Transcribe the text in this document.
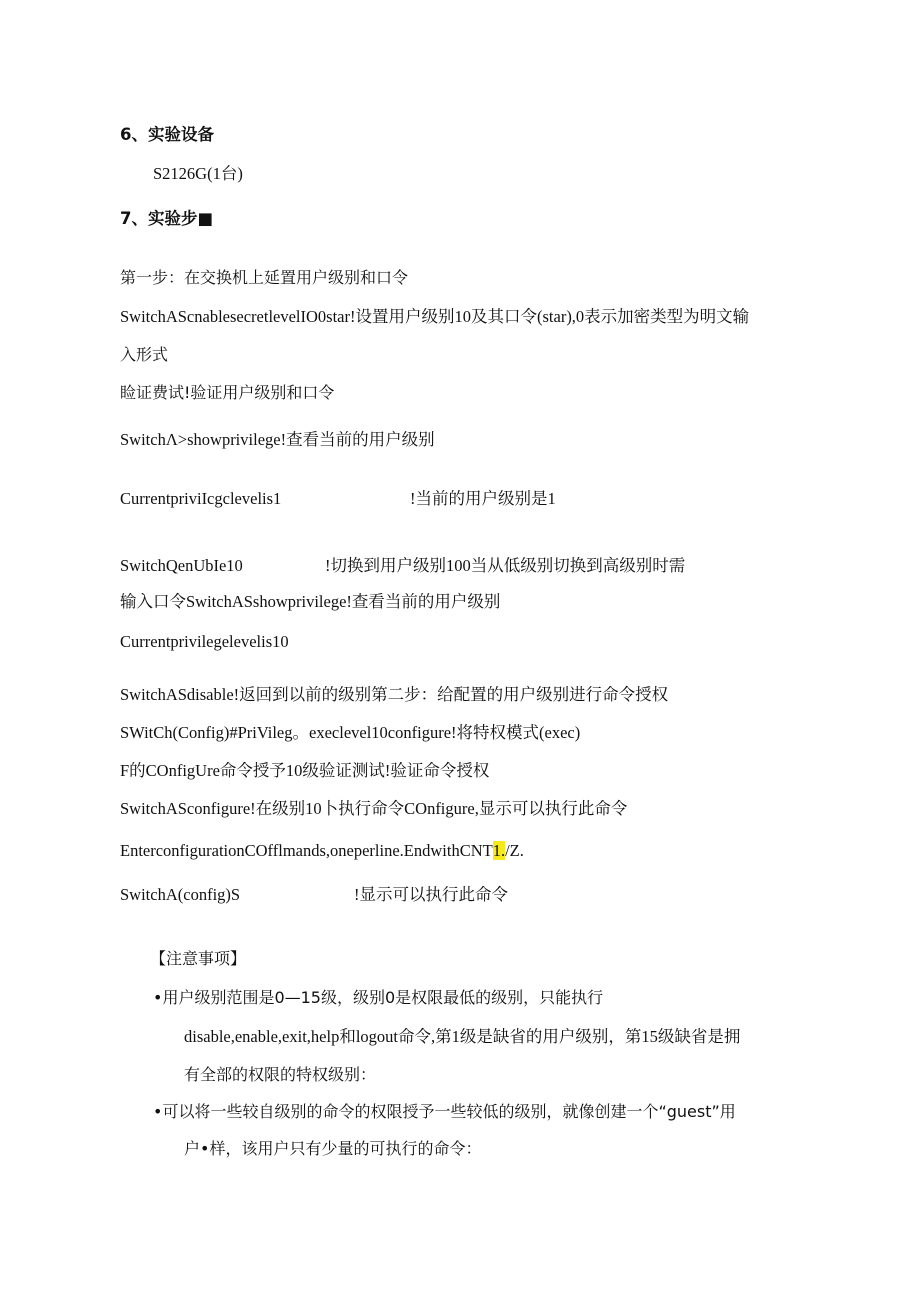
6、实验设备
S2126G(1台)
7、实验步■
第一步：在交换机上延置用户级别和口令
SwitchAScnablesecretlevelIO0star!设置用户级别10及其口令(star),0表示加密类型为明文输
入形式
睑证费试!验证用户级别和口令
SwitchΛ>showprivilege!查看当前的用户级别
CurrentpriviIcgclevelis1	!当前的用户级别是1
SwitchQenUbIe10	!切换到用户级别100当从低级别切换到高级别时需
输入口令SwitchASshowprivilege!查看当前的用户级别
Currentprivilegelevelis10
SwitchASdisable!返回到以前的级别第二步：给配置的用户级别进行命令授权
SWitCh(Config)#PriVileg。execlevel10configure!将特权模式(exec)
F的COnfigUre命令授予10级验证测试!验证命令授权
SwitchASconfigure!在级别10卜执行命令COnfigure,显示可以执行此命令
EnterconfigurationCOfflmands,oneperline.EndwithCNT1./Z.
SwitchA(config)S	!显示可以执行此命令
【注意事项】
•用户级别范围是0—15级，级别0是权限最低的级别，只能执行
disable,enable,exit,help和logout命令,第1级是缺省的用户级别，第15级缺省是拥
有全部的权限的特权级别：
•可以将一些较自级别的命令的权限授予一些较低的级别，就像创建一个“guest”用
户•样，该用户只有少量的可执行的命令：
